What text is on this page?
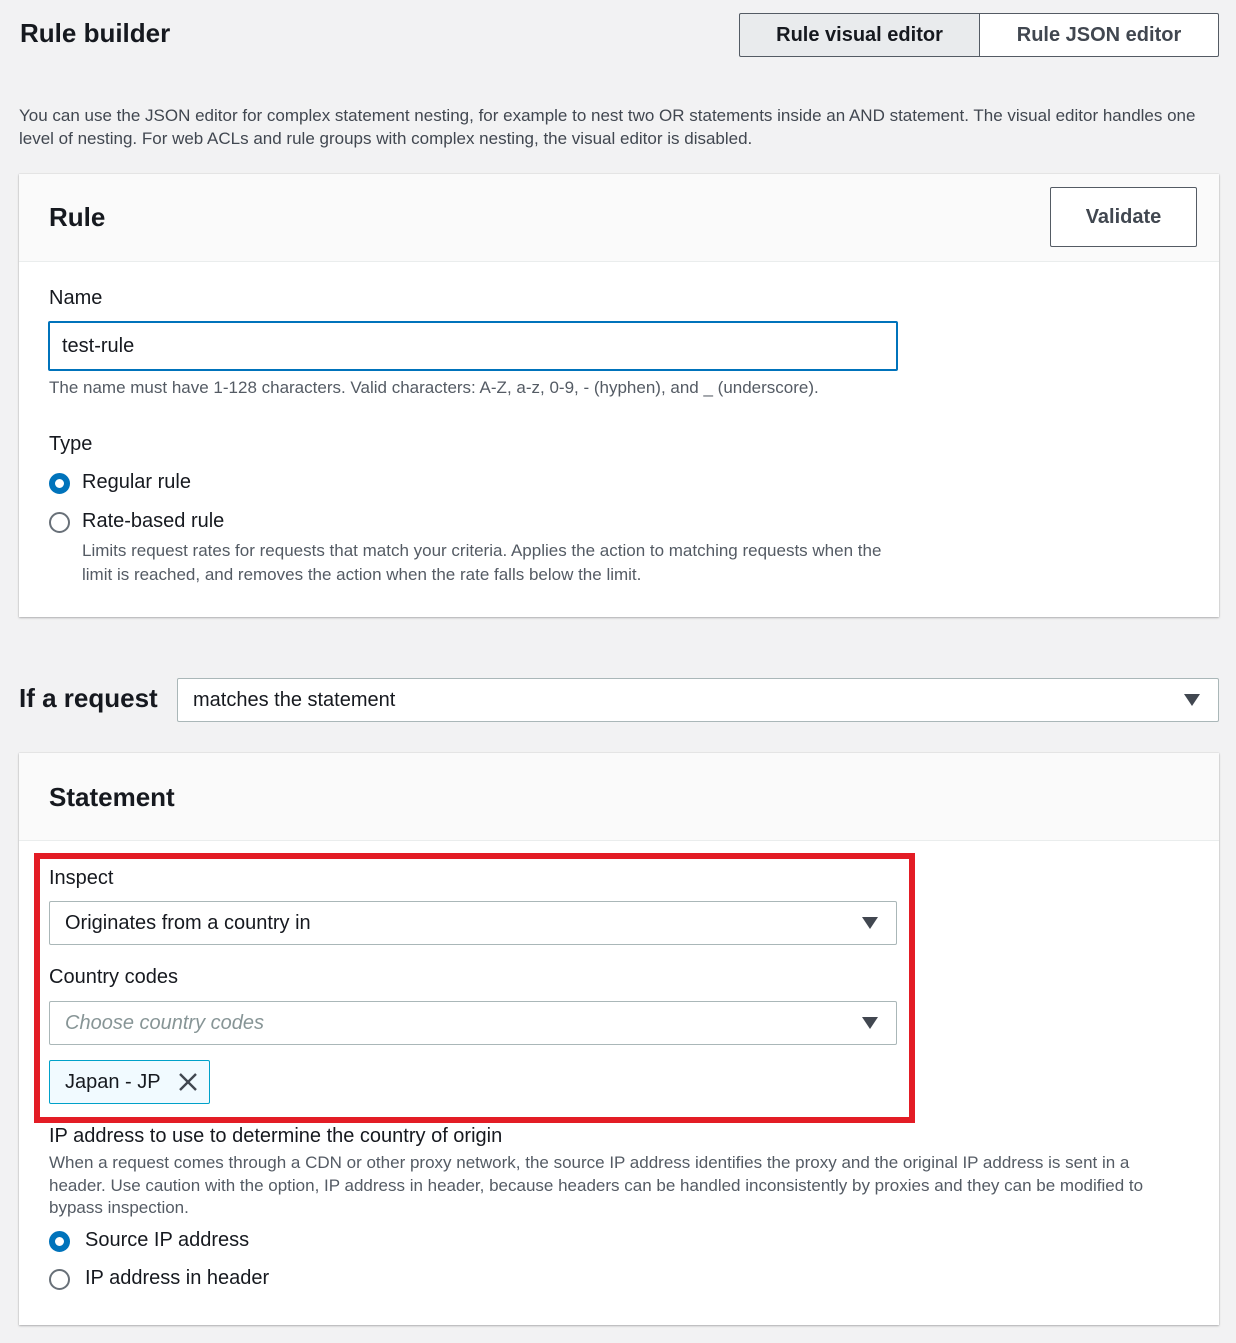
Rule builder	Rule visual editor	Rule JSON editor
You can use the JSON editor for complex statement nesting, for example to nest two OR statements inside an AND statement. The visual editor handles one level of nesting. For web ACLs and rule groups with complex nesting, the visual editor is disabled.
Rule	Validate
Name
test-rule
The name must have 1-128 characters. Valid characters: A-Z, a-z, 0-9, - (hyphen), and _ (underscore).
Type
Regular rule
Rate-based rule
Limits request rates for requests that match your criteria. Applies the action to matching requests when the limit is reached, and removes the action when the rate falls below the limit.
If a request matches the statement
Statement
Inspect
Originates from a country in
Country codes
Choose country codes
Japan - JP
IP address to use to determine the country of origin
When a request comes through a CDN or other proxy network, the source IP address identifies the proxy and the original IP address is sent in a header. Use caution with the option, IP address in header, because headers can be handled inconsistently by proxies and they can be modified to bypass inspection.
Source IP address
IP address in header
